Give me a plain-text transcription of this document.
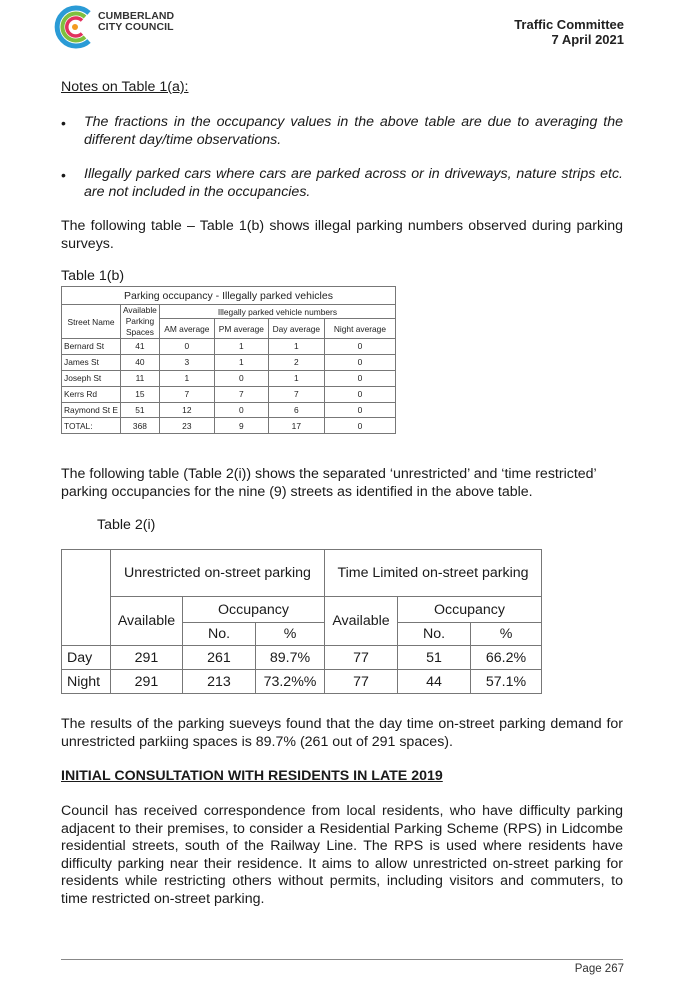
CUMBERLAND
CITY COUNCIL	Traffic Committee
7 April 2021
Notes on Table 1(a):
• The fractions in the occupancy values in the above table are due to averaging the different day/time observations.
• Illegally parked cars where cars are parked across or in driveways, nature strips etc. are not included in the occupancies.
The following table – Table 1(b) shows illegal parking numbers observed during parking surveys.
Table 1(b)
Parking occupancy - Illegally parked vehicles					
Street Name	Available Parking Spaces	Illegally parked vehicle numbers			
		AM average	PM average	Day average	Night average
Bernard St	41	0	1	1	0
James St	40	3	1	2	0
Joseph St	11	1	0	1	0
Kerrs Rd	15	7	7	7	0
Raymond St E	51	12	0	6	0
TOTAL:	368	23	9	17	0
The following table (Table 2(i)) shows the separated ‘unrestricted’ and ‘time restricted’ parking occupancies for the nine (9) streets as identified in the above table.
Table 2(i)
	Unrestricted on-street parking			Time Limited on-street parking		
	Available	Occupancy		Available	Occupancy	
		No.	%		No.	%

Day	291	261	89.7%	77	51	66.2%
Night	291	213	73.2%%	77	44	57.1%
The results of the parking sueveys found that the day time on-street parking demand for unrestricted parkiing spaces is 89.7% (261 out of 291 spaces).
INITIAL CONSULTATION WITH RESIDENTS IN LATE 2019
Council has received correspondence from local residents, who have difficulty parking adjacent to their premises, to consider a Residential Parking Scheme (RPS) in Lidcombe residential streets, south of the Railway Line. The RPS is used where residents have difficulty parking near their residence. It aims to allow unrestricted on-street parking for residents while restricting others without permits, including visitors and commuters, to time restricted on-street parking.
Page 267
